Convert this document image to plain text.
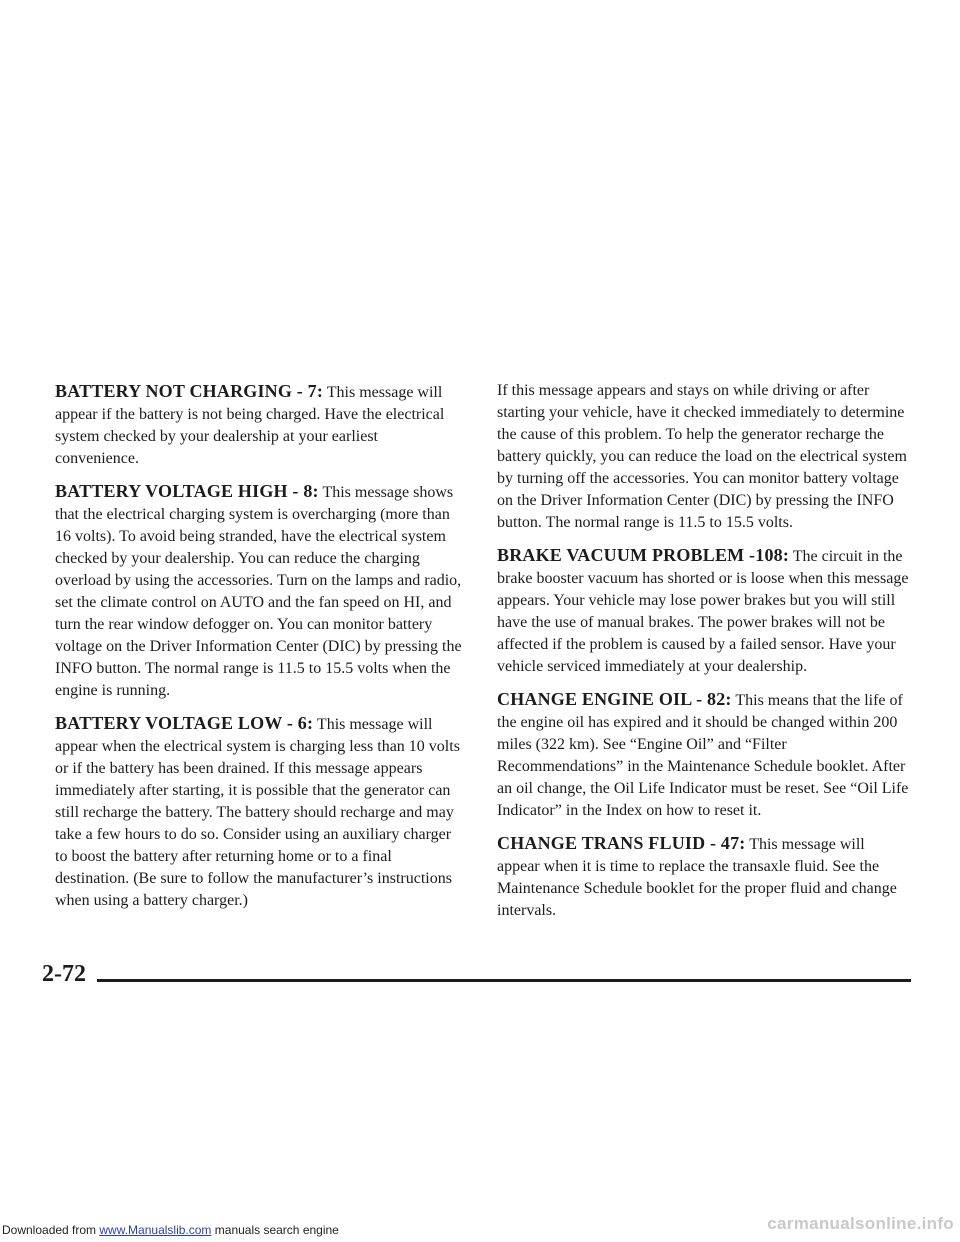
BATTERY NOT CHARGING - 7: This message will appear if the battery is not being charged. Have the electrical system checked by your dealership at your earliest convenience.

BATTERY VOLTAGE HIGH - 8: This message shows that the electrical charging system is overcharging (more than 16 volts). To avoid being stranded, have the electrical system checked by your dealership. You can reduce the charging overload by using the accessories. Turn on the lamps and radio, set the climate control on AUTO and the fan speed on HI, and turn the rear window defogger on. You can monitor battery voltage on the Driver Information Center (DIC) by pressing the INFO button. The normal range is 11.5 to 15.5 volts when the engine is running.

BATTERY VOLTAGE LOW - 6: This message will appear when the electrical system is charging less than 10 volts or if the battery has been drained. If this message appears immediately after starting, it is possible that the generator can still recharge the battery. The battery should recharge and may take a few hours to do so. Consider using an auxiliary charger to boost the battery after returning home or to a final destination. (Be sure to follow the manufacturer’s instructions when using a battery charger.)

If this message appears and stays on while driving or after starting your vehicle, have it checked immediately to determine the cause of this problem. To help the generator recharge the battery quickly, you can reduce the load on the electrical system by turning off the accessories. You can monitor battery voltage on the Driver Information Center (DIC) by pressing the INFO button. The normal range is 11.5 to 15.5 volts.

BRAKE VACUUM PROBLEM -108: The circuit in the brake booster vacuum has shorted or is loose when this message appears. Your vehicle may lose power brakes but you will still have the use of manual brakes. The power brakes will not be affected if the problem is caused by a failed sensor. Have your vehicle serviced immediately at your dealership.

CHANGE ENGINE OIL - 82: This means that the life of the engine oil has expired and it should be changed within 200 miles (322 km). See “Engine Oil” and “Filter Recommendations” in the Maintenance Schedule booklet. After an oil change, the Oil Life Indicator must be reset. See “Oil Life Indicator” in the Index on how to reset it.

CHANGE TRANS FLUID - 47: This message will appear when it is time to replace the transaxle fluid. See the Maintenance Schedule booklet for the proper fluid and change intervals.

2-72
Downloaded from www.Manualslib.com manuals search engine	carmanualsonline.info
